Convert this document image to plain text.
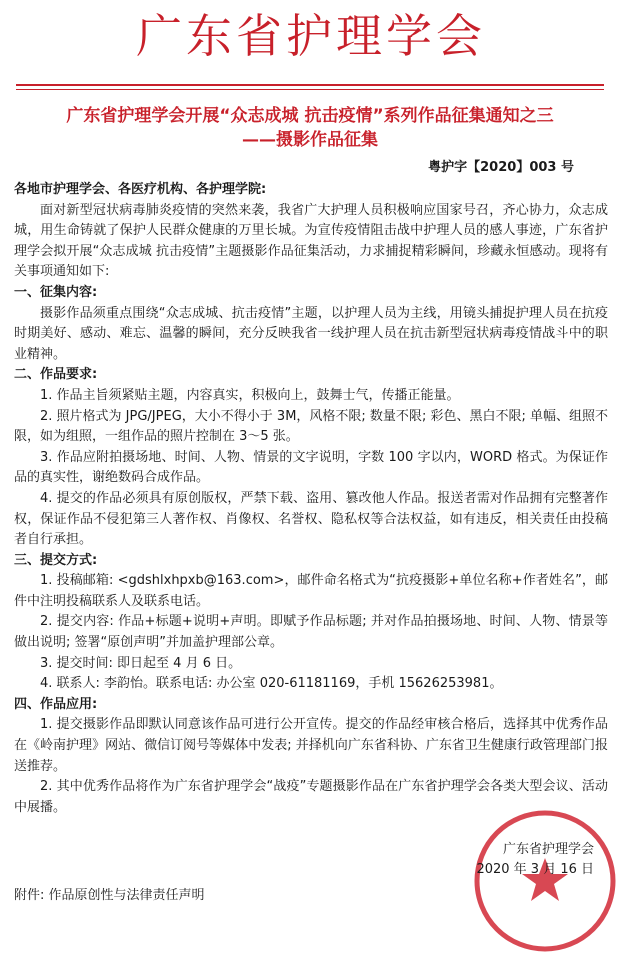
广东省护理学会
广东省护理学会开展“众志成城 抗击疫情”系列作品征集通知之三
——摄影作品征集
粤护字【2020】003 号

各地市护理学会、各医疗机构、各护理学院:

面对新型冠状病毒肺炎疫情的突然来袭，我省广大护理人员积极响应国家号召，齐心协力，众志成城，用生命铸就了保护人民群众健康的万里长城。为宣传疫情阻击战中护理人员的感人事迹，广东省护理学会拟开展“众志成城 抗击疫情”主题摄影作品征集活动，力求捕捉精彩瞬间，珍藏永恒感动。现将有关事项通知如下:

一、征集内容:

摄影作品须重点围绕“众志成城、抗击疫情”主题，以护理人员为主线，用镜头捕捉护理人员在抗疫时期美好、感动、难忘、温馨的瞬间，充分反映我省一线护理人员在抗击新型冠状病毒疫情战斗中的职业精神。

二、作品要求:

1. 作品主旨须紧贴主题，内容真实，积极向上，鼓舞士气，传播正能量。

2. 照片格式为 JPG/JPEG，大小不得小于 3M，风格不限; 数量不限; 彩色、黑白不限; 单幅、组照不限，如为组照，一组作品的照片控制在 3～5 张。

3. 作品应附拍摄场地、时间、人物、情景的文字说明，字数 100 字以内，WORD 格式。为保证作品的真实性，谢绝数码合成作品。

4. 提交的作品必须具有原创版权，严禁下载、盗用、篡改他人作品。报送者需对作品拥有完整著作权，保证作品不侵犯第三人著作权、肖像权、名誉权、隐私权等合法权益，如有违反，相关责任由投稿者自行承担。

三、提交方式:

1. 投稿邮箱: <gdshlxhpxb@163.com>，邮件命名格式为“抗疫摄影+单位名称+作者姓名”，邮件中注明投稿联系人及联系电话。

2. 提交内容: 作品+标题+说明+声明。即赋予作品标题; 并对作品拍摄场地、时间、人物、情景等做出说明; 签署“原创声明”并加盖护理部公章。

3. 提交时间: 即日起至 4 月 6 日。

4. 联系人: 李韵怡。联系电话: 办公室 020-61181169，手机 15626253981。

四、作品应用:

1. 提交摄影作品即默认同意该作品可进行公开宣传。提交的作品经审核合格后，选择其中优秀作品在《岭南护理》网站、微信订阅号等媒体中发表; 并择机向广东省科协、广东省卫生健康行政管理部门报送推荐。

2. 其中优秀作品将作为广东省护理学会“战疫”专题摄影作品在广东省护理学会各类大型会议、活动中展播。

广东省护理学会
2020 年 3 月 16 日
附件: 作品原创性与法律责任声明
